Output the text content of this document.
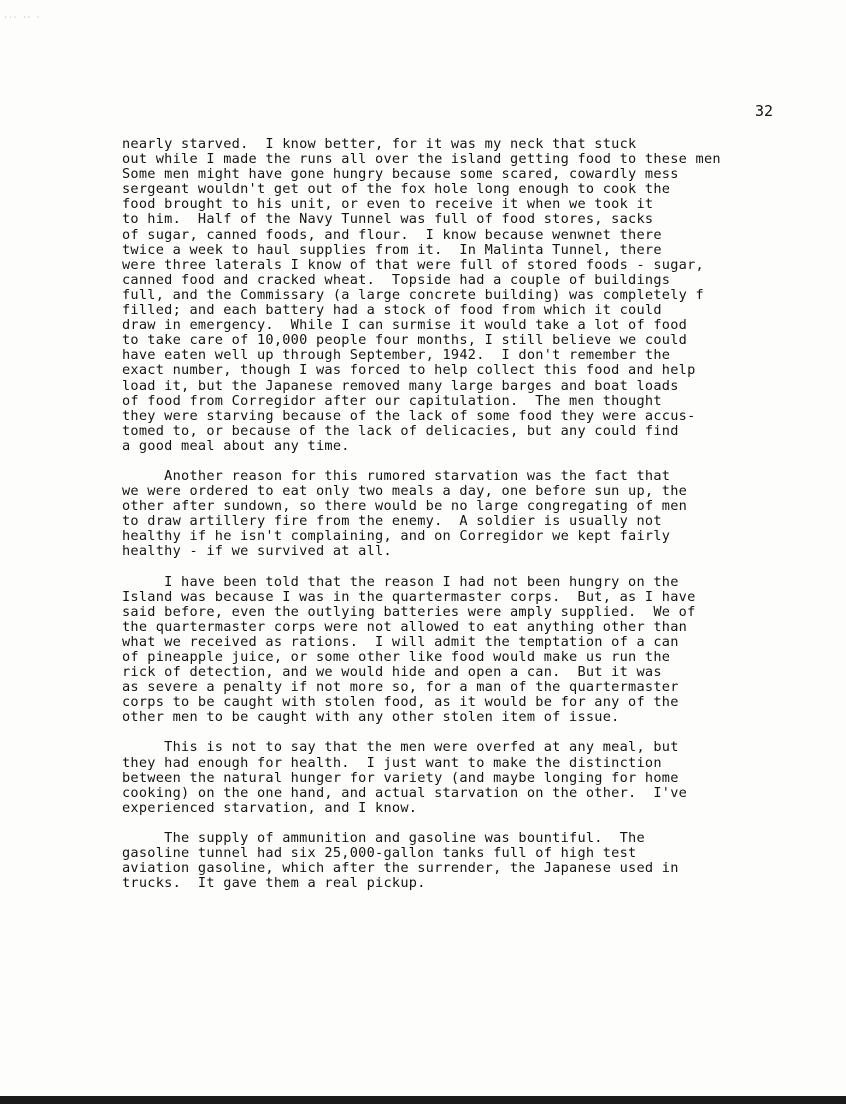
··· ·· ·
32
nearly starved.  I know better, for it was my neck that stuck
out while I made the runs all over the island getting food to these men
Some men might have gone hungry because some scared, cowardly mess
sergeant wouldn't get out of the fox hole long enough to cook the
food brought to his unit, or even to receive it when we took it
to him.  Half of the Navy Tunnel was full of food stores, sacks
of sugar, canned foods, and flour.  I know because wenwnet there
twice a week to haul supplies from it.  In Malinta Tunnel, there
were three laterals I know of that were full of stored foods - sugar,
canned food and cracked wheat.  Topside had a couple of buildings
full, and the Commissary (a large concrete building) was completely f
filled; and each battery had a stock of food from which it could
draw in emergency.  While I can surmise it would take a lot of food
to take care of 10,000 people four months, I still believe we could
have eaten well up through September, 1942.  I don't remember the
exact number, though I was forced to help collect this food and help
load it, but the Japanese removed many large barges and boat loads
of food from Corregidor after our capitulation.  The men thought
they were starving because of the lack of some food they were accus-
tomed to, or because of the lack of delicacies, but any could find
a good meal about any time.
Another reason for this rumored starvation was the fact that
we were ordered to eat only two meals a day, one before sun up, the
other after sundown, so there would be no large congregating of men
to draw artillery fire from the enemy.  A soldier is usually not
healthy if he isn't complaining, and on Corregidor we kept fairly
healthy - if we survived at all.
I have been told that the reason I had not been hungry on the
Island was because I was in the quartermaster corps.  But, as I have
said before, even the outlying batteries were amply supplied.  We of
the quartermaster corps were not allowed to eat anything other than
what we received as rations.  I will admit the temptation of a can
of pineapple juice, or some other like food would make us run the
rick of detection, and we would hide and open a can.  But it was
as severe a penalty if not more so, for a man of the quartermaster
corps to be caught with stolen food, as it would be for any of the
other men to be caught with any other stolen item of issue.
This is not to say that the men were overfed at any meal, but
they had enough for health.  I just want to make the distinction
between the natural hunger for variety (and maybe longing for home
cooking) on the one hand, and actual starvation on the other.  I've
experienced starvation, and I know.
The supply of ammunition and gasoline was bountiful.  The
gasoline tunnel had six 25,000-gallon tanks full of high test
aviation gasoline, which after the surrender, the Japanese used in
trucks.  It gave them a real pickup.
